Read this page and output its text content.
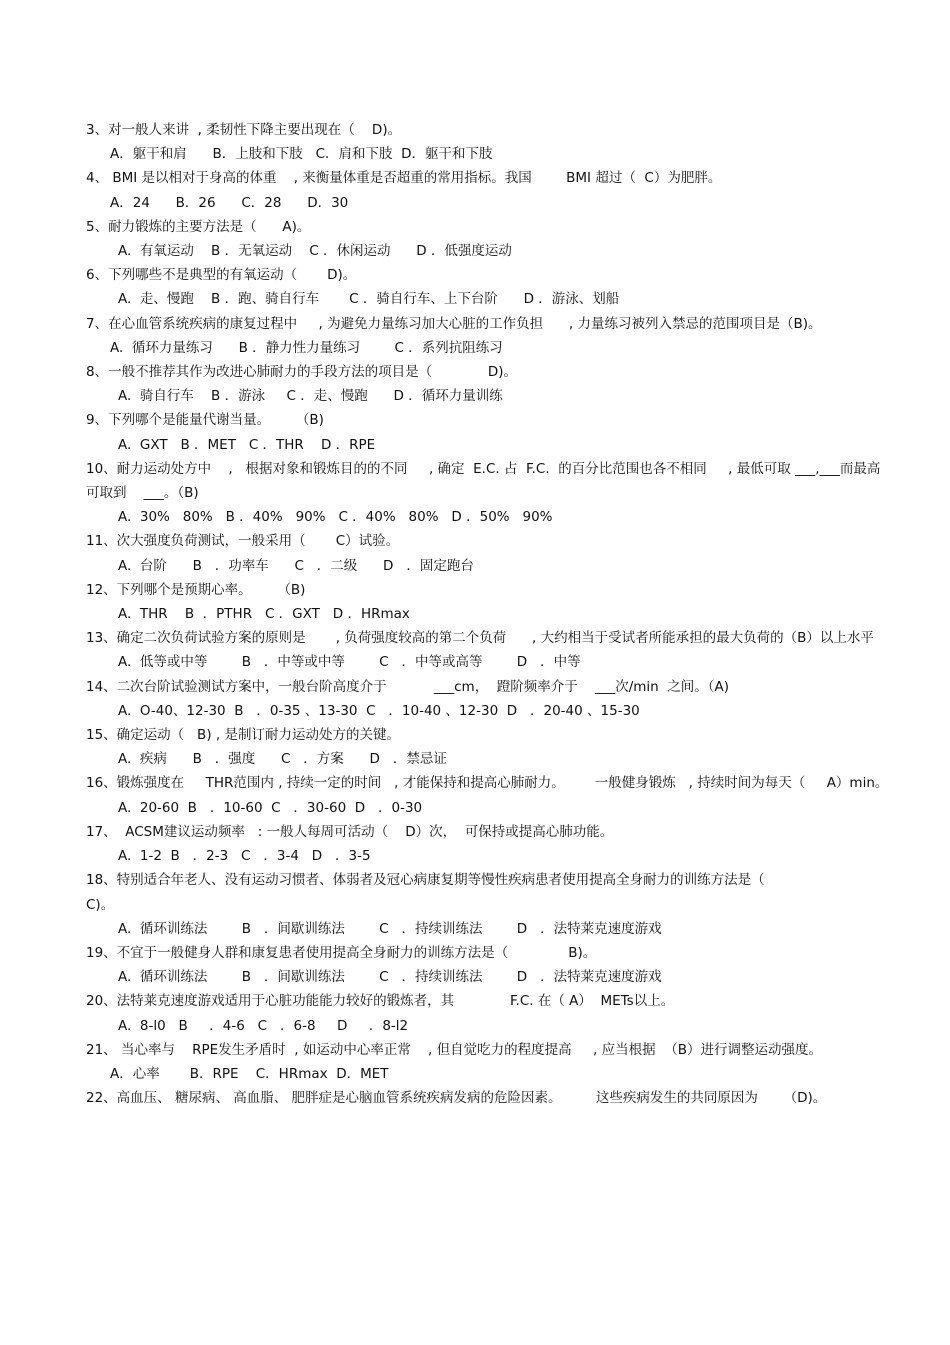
3、对一般人来讲  , 柔韧性下降主要出现在（    D)。
A．躯干和肩      B．上肢和下肢   C．肩和下肢  D．躯干和下肢
4、 BMI 是以相对于身高的体重    , 来衡量体重是否超重的常用指标。我国        BMI 超过（  C）为肥胖。
A．24      B．26      C．28      D．30
5、耐力锻炼的主要方法是（      A)。
A.  有氧运动    B ．无氧运动    C ．休闲运动      D ．低强度运动
6、下列哪些不是典型的有氧运动（       D)。
A.  走、慢跑    B ．跑、骑自行车       C ．骑自行车、上下台阶      D ．游泳、划船
7、在心血管系统疾病的康复过程中     , 为避免力量练习加大心脏的工作负担      , 力量练习被列入禁忌的范围项目是（B)。
A.  循环力量练习      B ．静力性力量练习        C ．系列抗阻练习
8、一般不推荐其作为改进心肺耐力的手段方法的项目是（             D)。
A.  骑自行车    B ．游泳     C ．走、慢跑      D ．循环力量训练
9、下列哪个是能量代谢当量。      （B)
A.  GXT   B ．MET   C ．THR    D ．RPE
10、耐力运动处方中    ,   根据对象和锻炼目的的不同     , 确定  E.C. 占  F.C.  的百分比范围也各不相同     , 最低可取 ___,___而最高可取到    ___。（B)
A.  30%   80%   B ．40%   90%   C ．40%   80%   D ．50%   90%
11、次大强度负荷测试，一般采用（       C）试验。
A.  台阶      B   ．功率车      C   ．二级      D   ．固定跑台
12、下列哪个是预期心率。      （B)
A.  THR    B  ．PTHR   C ．GXT   D ．HRmax
13、确定二次负荷试验方案的原则是       , 负荷强度较高的第二个负荷      , 大约相当于受试者所能承担的最大负荷的（B）以上水平
A.  低等或中等        B   ．中等或中等        C   ．中等或高等        D   ．中等
14、二次台阶试验测试方案中，一般台阶高度介于           ___cm，  蹬阶频率介于    ___次/min  之间。（A)
A.  O-40、12-30  B   ．0-35 、13-30  C   ．10-40 、12-30  D   ．20-40 、15-30
15、确定运动（   B) , 是制订耐力运动处方的关键。
A.  疾病      B   ．强度      C   ．方案      D   ．禁忌证
16、锻炼强度在     THR范围内 , 持续一定的时间   , 才能保持和提高心肺耐力。       一般健身锻炼   , 持续时间为每天（     A）min。
A.  20-60  B   ．10-60  C   ．30-60  D   ．0-30
17、  ACSM建议运动频率   : 一般人每周可活动（    D）次，  可保持或提高心肺功能。
A.  1-2  B   ．2-3   C   ．3-4   D   ．3-5
18、特别适合年老人、没有运动习惯者、体弱者及冠心病康复期等慢性疾病患者使用提高全身耐力的训练方法是（  C)。
A.  循环训练法        B   ．间歇训练法        C   ．持续训练法        D   ．法特莱克速度游戏
19、不宜于一般健身人群和康复患者使用提高全身耐力的训练方法是（              B)。
A.  循环训练法        B   ．间歇训练法        C   ．持续训练法        D   ．法特莱克速度游戏
20、法特莱克速度游戏适用于心脏功能能力较好的锻炼者，其             F.C. 在（ A）  METs以上。
A.  8-l0   B     ．4-6   C   ．6-8     D     ．8-l2
21、 当心率与    RPE发生矛盾时  , 如运动中心率正常    , 但自觉吃力的程度提高     , 应当根据  （B）进行调整运动强度。
A．心率       B．RPE    C．HRmax  D．MET
22、高血压、 糖尿病、 高血脂、 肥胖症是心脑血管系统疾病发病的危险因素。        这些疾病发生的共同原因为      （D)。
